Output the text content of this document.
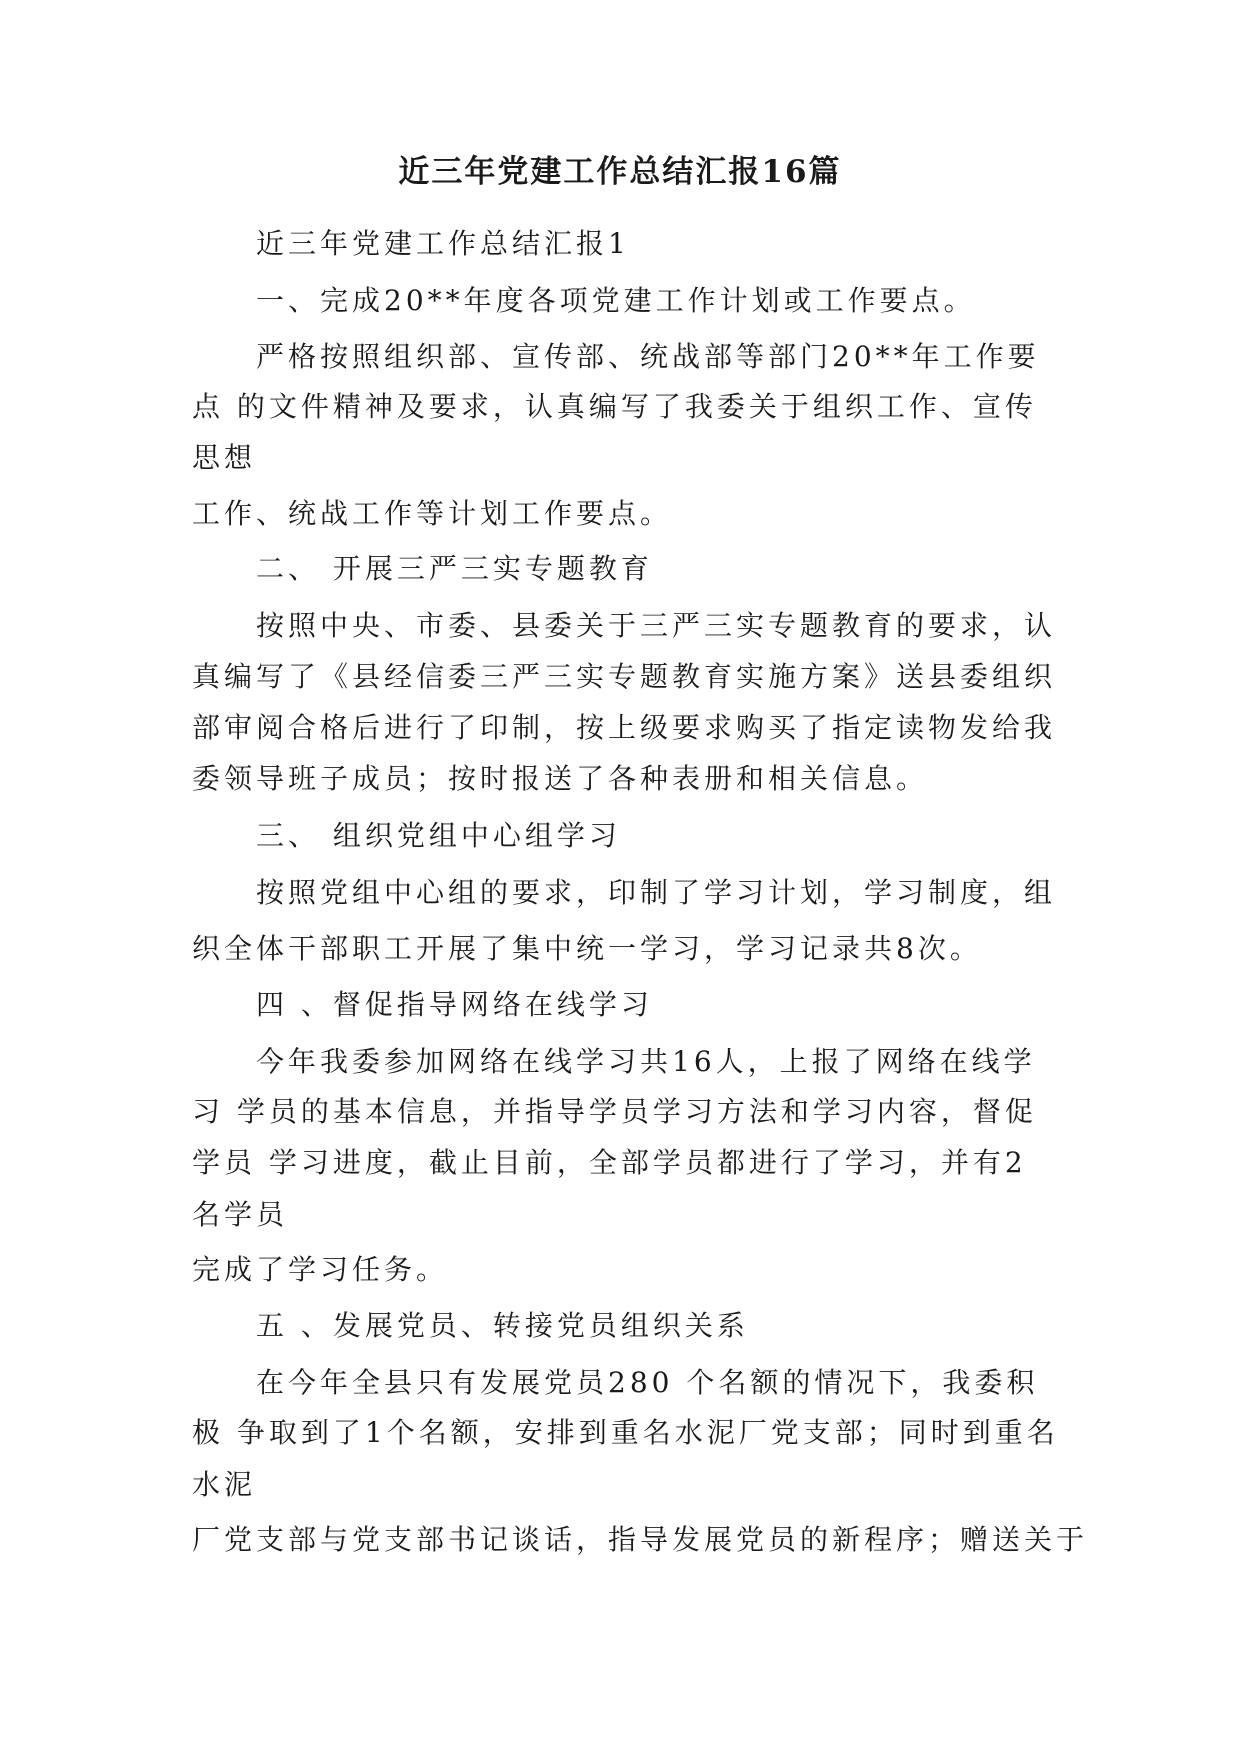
近三年党建工作总结汇报16篇
近三年党建工作总结汇报1
一、完成20**年度各项党建工作计划或工作要点。
严格按照组织部、宣传部、统战部等部门20**年工作要
点 的文件精神及要求，认真编写了我委关于组织工作、宣传
思想
工作、统战工作等计划工作要点。
二、 开展三严三实专题教育
按照中央、市委、县委关于三严三实专题教育的要求，认
真编写了《县经信委三严三实专题教育实施方案》送县委组织
部审阅合格后进行了印制，按上级要求购买了指定读物发给我
委领导班子成员；按时报送了各种表册和相关信息。
三、 组织党组中心组学习
按照党组中心组的要求，印制了学习计划，学习制度，组
织全体干部职工开展了集中统一学习，学习记录共8次。
四 、督促指导网络在线学习
今年我委参加网络在线学习共16人，上报了网络在线学
习 学员的基本信息，并指导学员学习方法和学习内容，督促
学员 学习进度，截止目前，全部学员都进行了学习，并有2
名学员
完成了学习任务。
五 、发展党员、转接党员组织关系
在今年全县只有发展党员280 个名额的情况下，我委积
极 争取到了1个名额，安排到重名水泥厂党支部；同时到重名
水泥
厂党支部与党支部书记谈话，指导发展党员的新程序；赠送关于
